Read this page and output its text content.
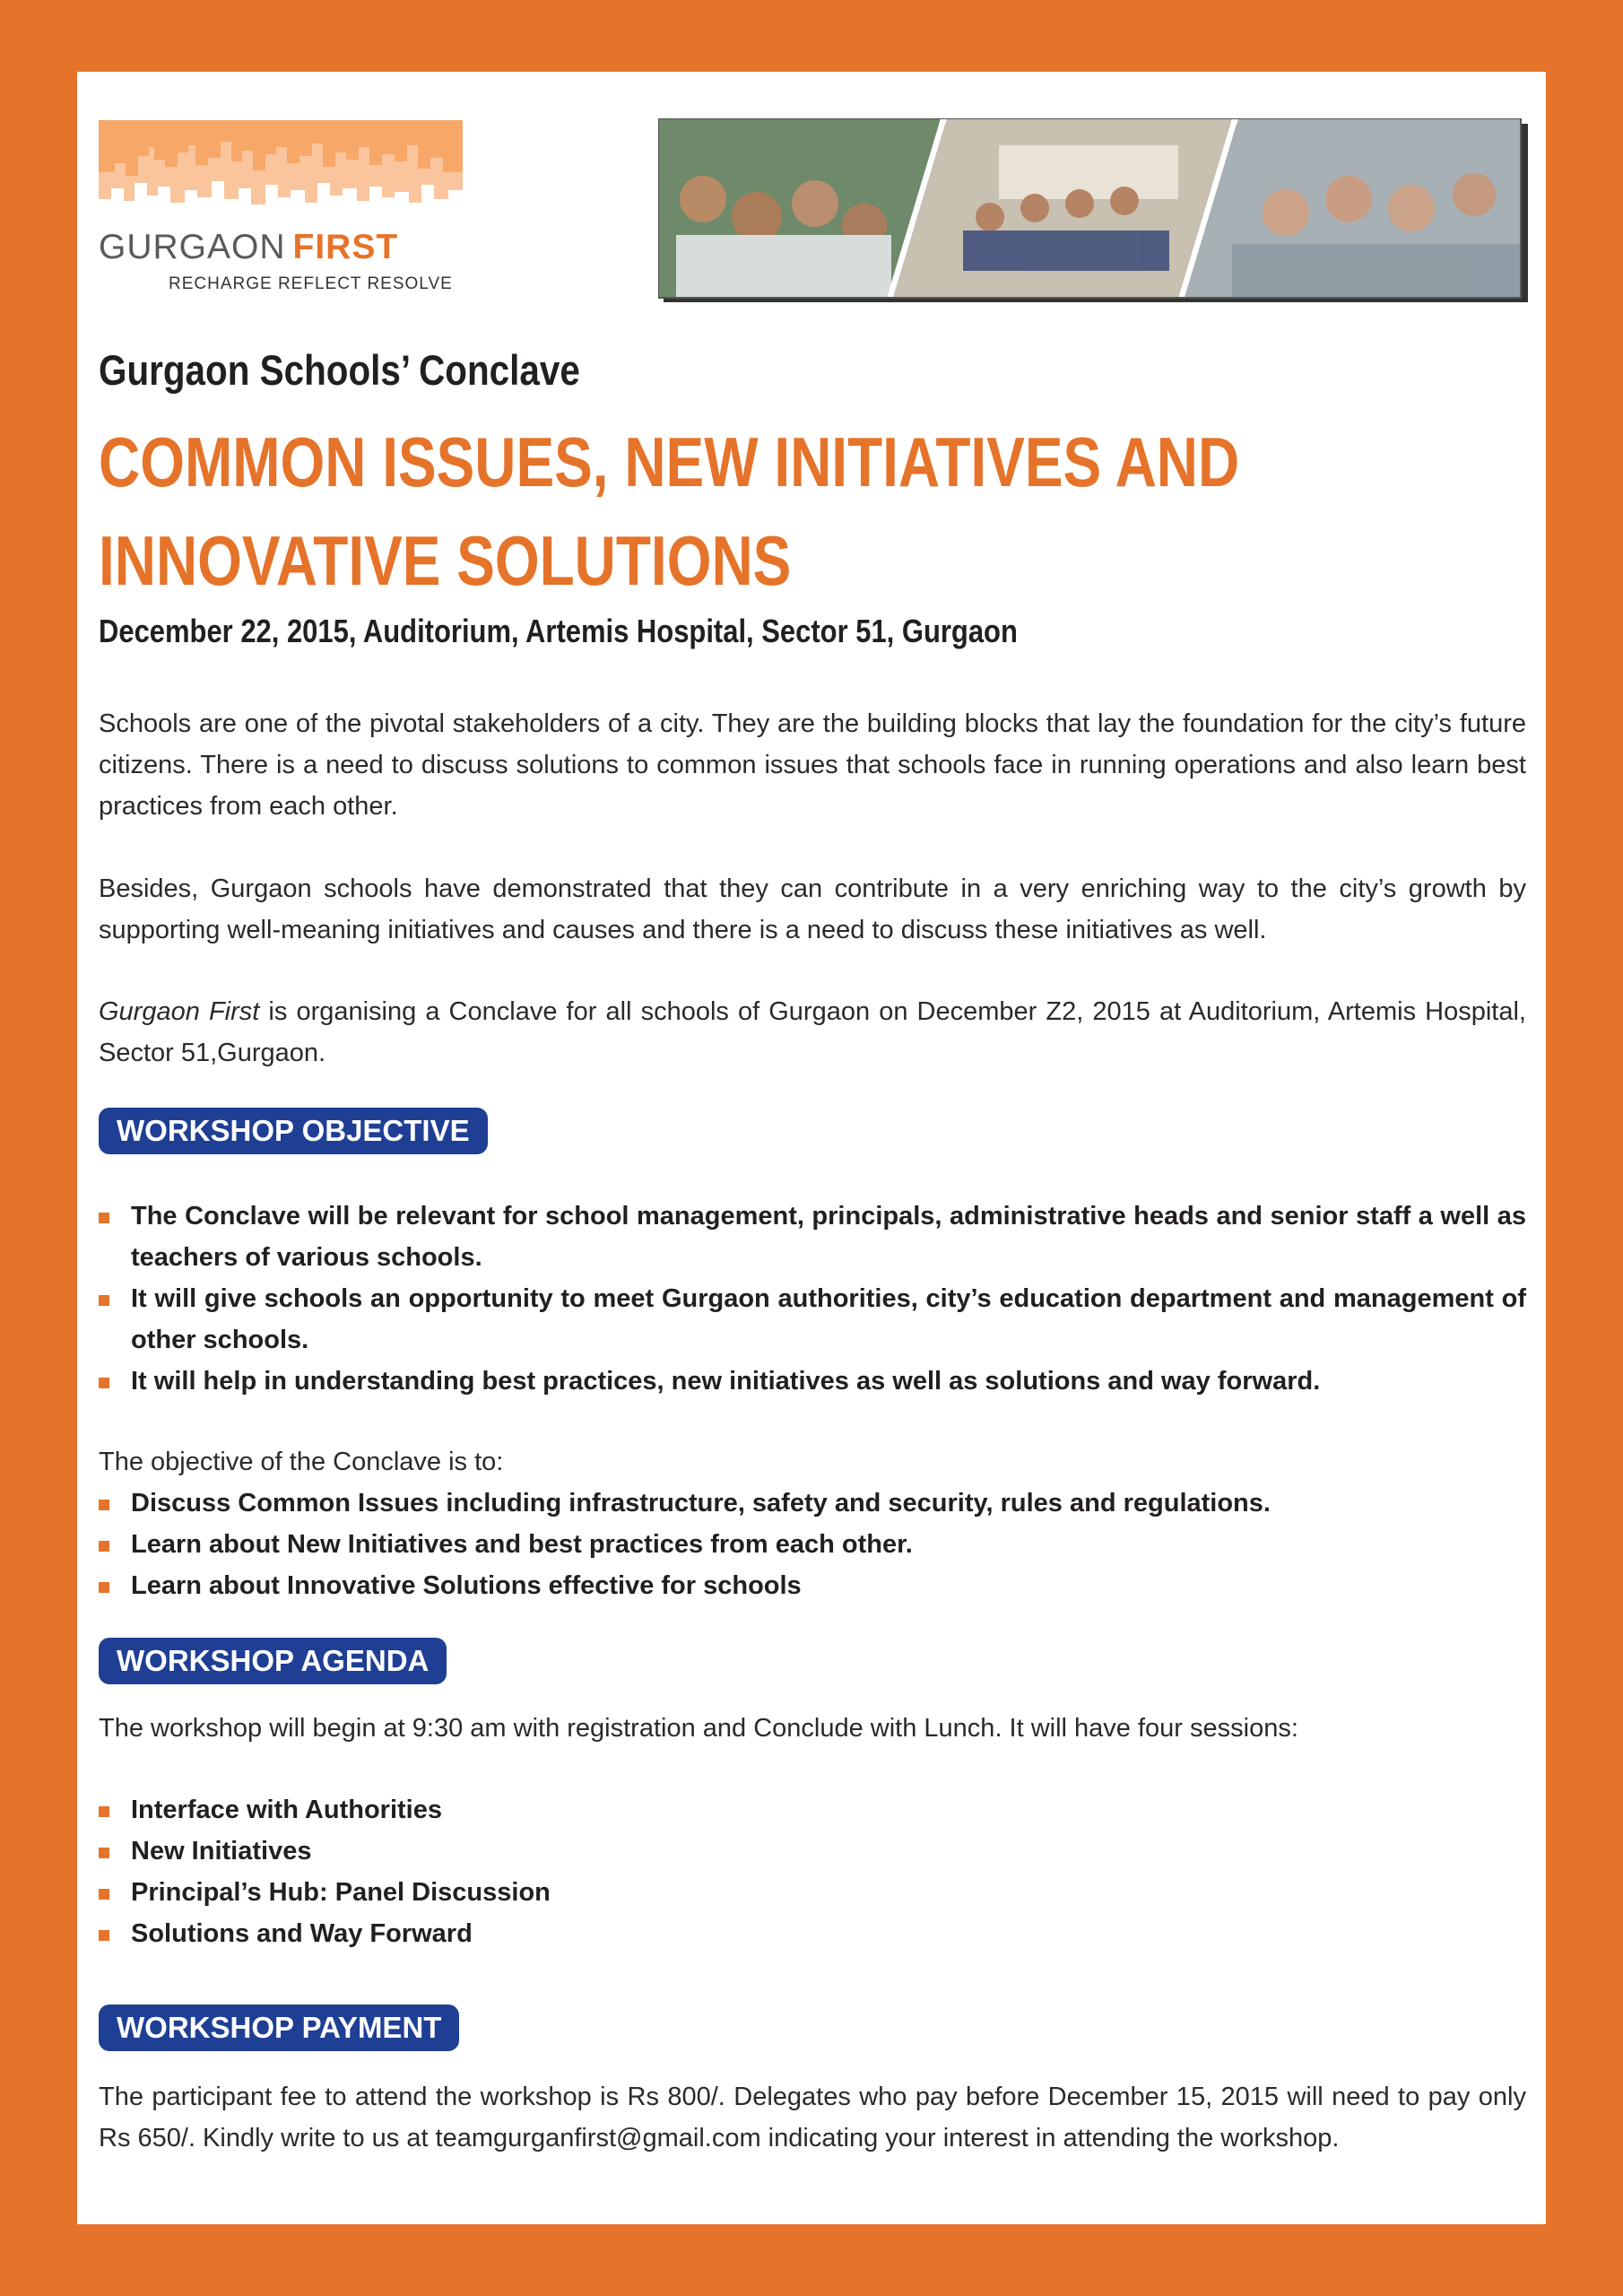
GURGAON FIRST
RECHARGE REFLECT RESOLVE
Gurgaon Schools’ Conclave
COMMON ISSUES, NEW INITIATIVES AND INNOVATIVE SOLUTIONS

December 22, 2015, Auditorium, Artemis Hospital, Sector 51, Gurgaon

Schools are one of the pivotal stakeholders of a city. They are the building blocks that lay the foundation for the city’s future citizens. There is a need to discuss solutions to common issues that schools face in running operations and also learn best practices from each other.

Besides, Gurgaon schools have demonstrated that they can contribute in a very enriching way to the city’s growth by supporting well-meaning initiatives and causes and there is a need to discuss these initiatives as well.

Gurgaon First is organising a Conclave for all schools of Gurgaon on December Z2, 2015 at Auditorium, Artemis Hospital, Sector 51,Gurgaon.

WORKSHOP OBJECTIVE
The Conclave will be relevant for school management, principals, administrative heads and senior staff a well as teachers of various schools.
It will give schools an opportunity to meet Gurgaon authorities, city’s education department and management of other schools.
It will help in understanding best practices, new initiatives as well as solutions and way forward.

The objective of the Conclave is to:

Discuss Common Issues including infrastructure, safety and security, rules and regulations.
Learn about New Initiatives and best practices from each other.
Learn about Innovative Solutions effective for schools
WORKSHOP AGENDA

The workshop will begin at 9:30 am with registration and Conclude with Lunch. It will have four sessions:

Interface with Authorities
New Initiatives
Principal’s Hub: Panel Discussion
Solutions and Way Forward
WORKSHOP PAYMENT

The participant fee to attend the workshop is Rs 800/. Delegates who pay before December 15, 2015 will need to pay only Rs 650/. Kindly write to us at teamgurganfirst@gmail.com indicating your interest in attending the workshop.
